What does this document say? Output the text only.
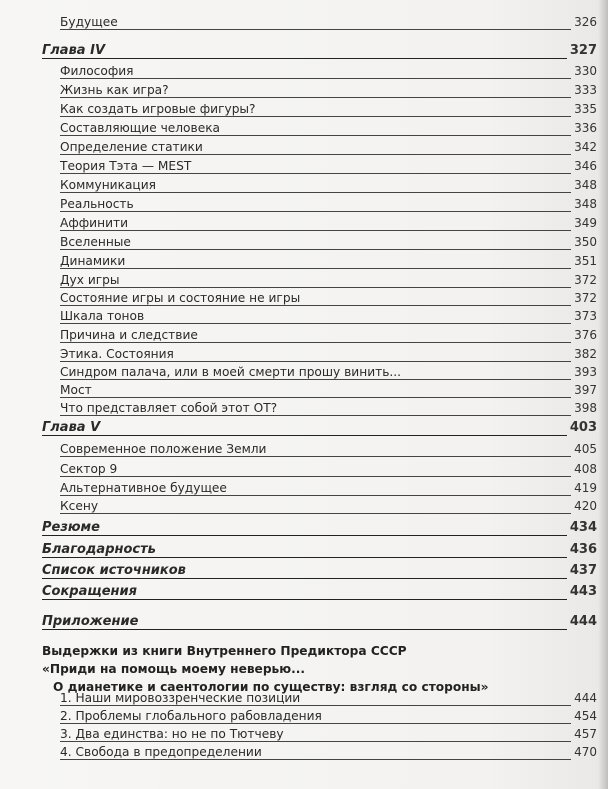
Выдержки из книги Внутреннего Предиктора СССР
«Приди на помощь моему неверью...
О дианетике и саентологии по существу: взгляд со стороны»
Будущее	326
Глава IV	327
Философия	330
Жизнь как игра?	333
Как создать игровые фигуры?	335
Составляющие человека	336
Определение статики	342
Теория Тэта — MEST	346
Коммуникация	348
Реальность	348
Аффинити	349
Вселенные	350
Динамики	351
Дух игры	372
Состояние игры и состояние не игры	372
Шкала тонов	373
Причина и следствие	376
Этика. Состояния	382
Синдром палача, или в моей смерти прошу винить...	393
Мост	397
Что представляет собой этот ОТ?	398
Глава V	403
Современное положение Земли	405
Сектор 9	408
Альтернативное будущее	419
Ксену	420
Резюме	434
Благодарность	436
Список источников	437
Сокращения	443
Приложение	444
1. Наши мировоззренческие позиции	444
2. Проблемы глобального рабовладения	454
3. Два единства: но не по Тютчеву	457
4. Свобода в предопределении	470
